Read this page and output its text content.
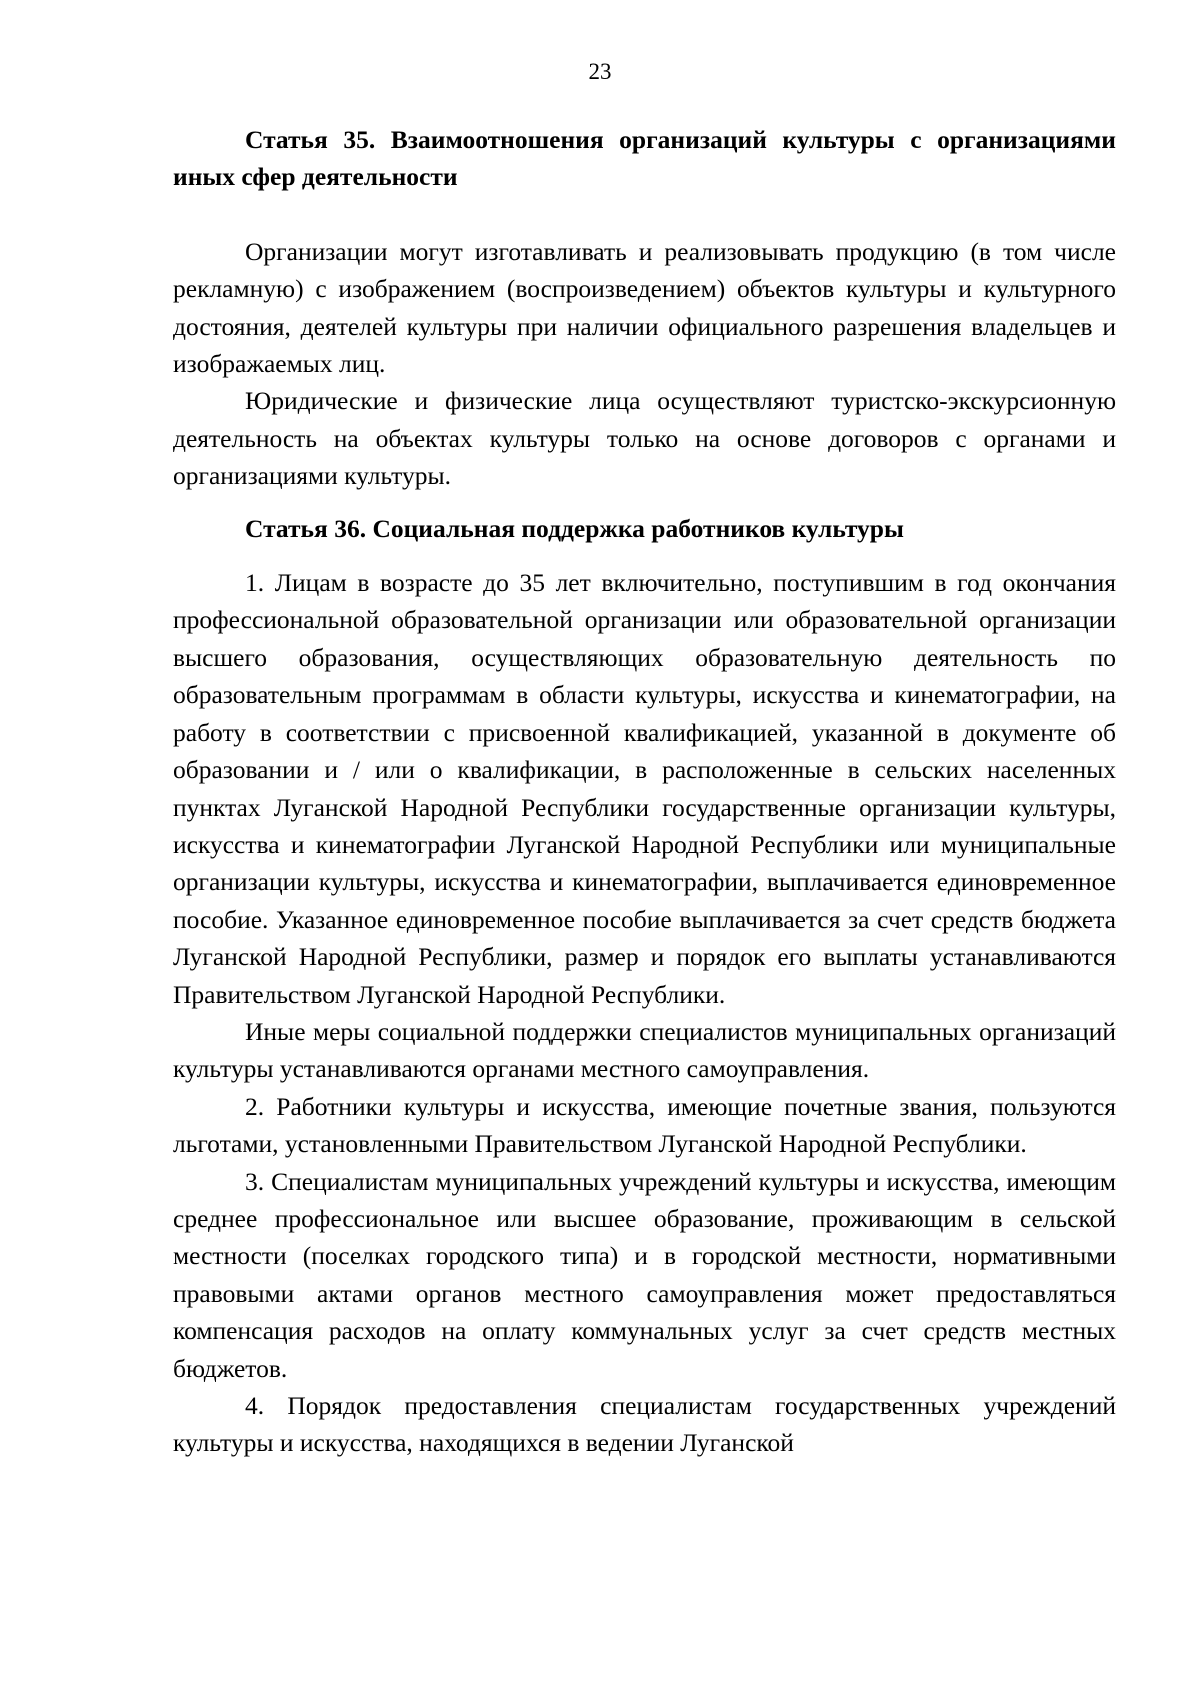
23
Статья 35. Взаимоотношения организаций культуры с организациями иных сфер деятельности

Организации могут изготавливать и реализовывать продукцию (в том числе рекламную) с изображением (воспроизведением) объектов культуры и культурного достояния, деятелей культуры при наличии официального разрешения владельцев и изображаемых лиц.

Юридические и физические лица осуществляют туристско-экскурсионную деятельность на объектах культуры только на основе договоров с органами и организациями культуры.

Статья 36. Социальная поддержка работников культуры

1. Лицам в возрасте до 35 лет включительно, поступившим в год окончания профессиональной образовательной организации или образовательной организации высшего образования, осуществляющих образовательную деятельность по образовательным программам в области культуры, искусства и кинематографии, на работу в соответствии с присвоенной квалификацией, указанной в документе об образовании и / или о квалификации, в расположенные в сельских населенных пунктах Луганской Народной Республики государственные организации культуры, искусства и кинематографии Луганской Народной Республики или муниципальные организации культуры, искусства и кинематографии, выплачивается единовременное пособие. Указанное единовременное пособие выплачивается за счет средств бюджета Луганской Народной Республики, размер и порядок его выплаты устанавливаются Правительством Луганской Народной Республики.

Иные меры социальной поддержки специалистов муниципальных организаций культуры устанавливаются органами местного самоуправления.

2. Работники культуры и искусства, имеющие почетные звания, пользуются льготами, установленными Правительством Луганской Народной Республики.

3. Специалистам муниципальных учреждений культуры и искусства, имеющим среднее профессиональное или высшее образование, проживающим в сельской местности (поселках городского типа) и в городской местности, нормативными правовыми актами органов местного самоуправления может предоставляться компенсация расходов на оплату коммунальных услуг за счет средств местных бюджетов.

4. Порядок предоставления специалистам государственных учреждений культуры и искусства, находящихся в ведении Луганской
